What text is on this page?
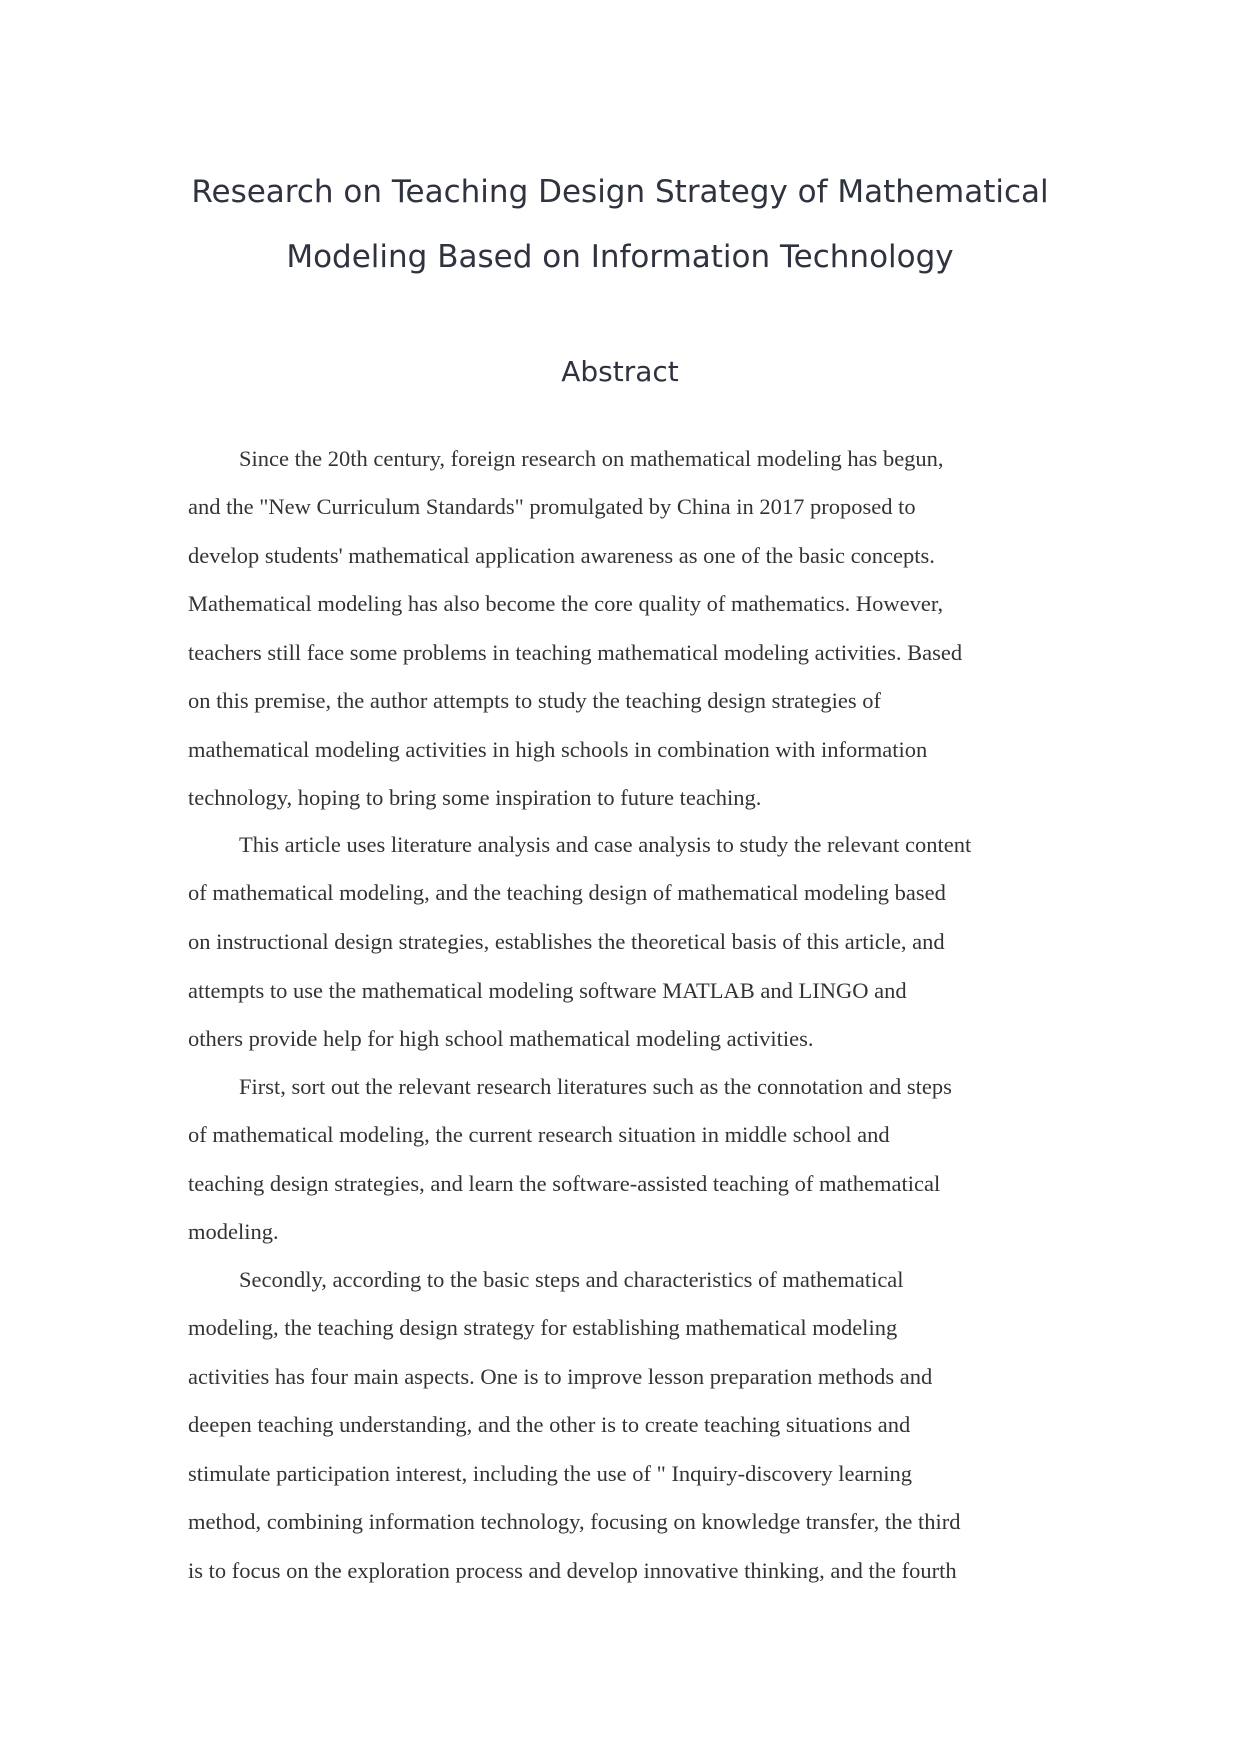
Research on Teaching Design Strategy of Mathematical
Modeling Based on Information Technology
Abstract
Since the 20th century, foreign research on mathematical modeling has begun,
and the "New Curriculum Standards" promulgated by China in 2017 proposed to
develop students' mathematical application awareness as one of the basic concepts.
Mathematical modeling has also become the core quality of mathematics. However,
teachers still face some problems in teaching mathematical modeling activities. Based
on this premise, the author attempts to study the teaching design strategies of
mathematical modeling activities in high schools in combination with information
technology, hoping to bring some inspiration to future teaching.
This article uses literature analysis and case analysis to study the relevant content
of mathematical modeling, and the teaching design of mathematical modeling based
on instructional design strategies, establishes the theoretical basis of this article, and
attempts to use the mathematical modeling software MATLAB and LINGO and
others provide help for high school mathematical modeling activities.
First, sort out the relevant research literatures such as the connotation and steps
of mathematical modeling, the current research situation in middle school and
teaching design strategies, and learn the software-assisted teaching of mathematical
modeling.
Secondly, according to the basic steps and characteristics of mathematical
modeling, the teaching design strategy for establishing mathematical modeling
activities has four main aspects. One is to improve lesson preparation methods and
deepen teaching understanding, and the other is to create teaching situations and
stimulate participation interest, including the use of " Inquiry-discovery learning
method, combining information technology, focusing on knowledge transfer, the third
is to focus on the exploration process and develop innovative thinking, and the fourth
